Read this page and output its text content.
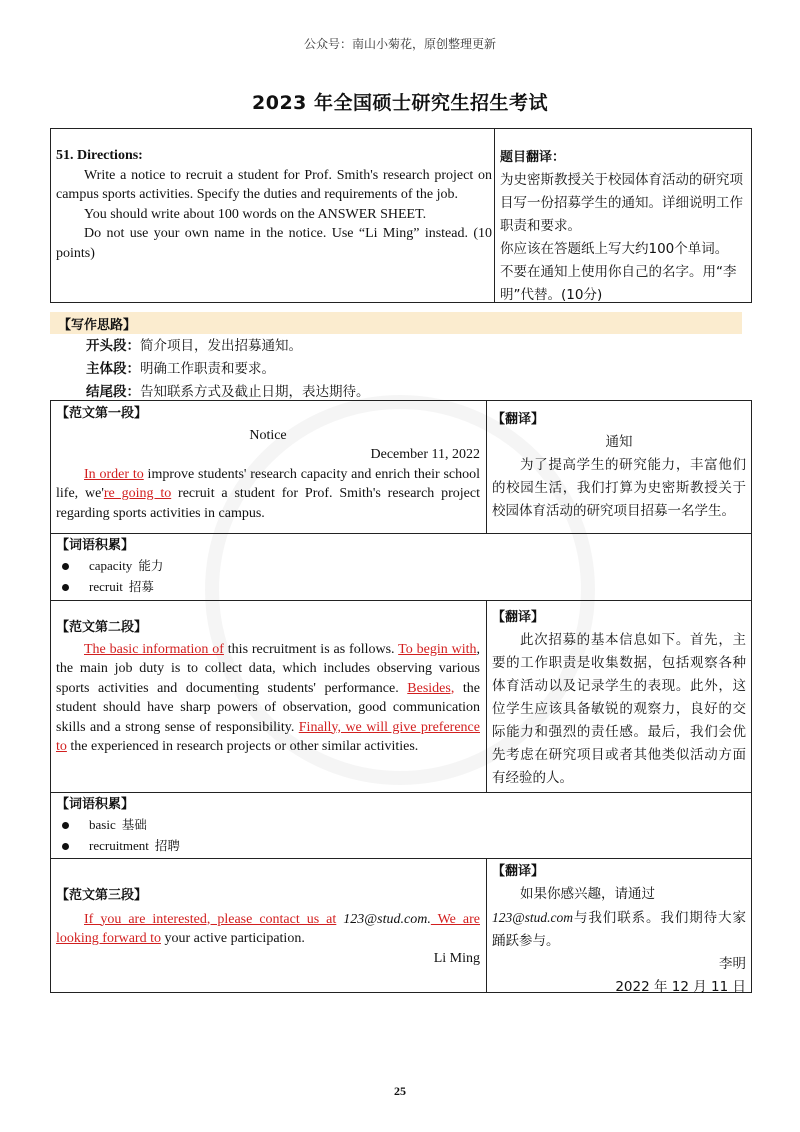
公众号：南山小菊花，原创整理更新
2023 年全国硕士研究生招生考试
51. Directions:
Write a notice to recruit a student for Prof. Smith's research project on campus sports activities. Specify the duties and requirements of the job.
You should write about 100 words on the ANSWER SHEET.
Do not use your own name in the notice. Use “Li Ming” instead. (10 points)
题目翻译：
为史密斯教授关于校园体育活动的研究项目写一份招募学生的通知。详细说明工作职责和要求。
你应该在答题纸上写大约100个单词。
不要在通知上使用你自己的名字。用“李明”代替。(10分)
【写作思路】
开头段：简介项目，发出招募通知。
主体段：明确工作职责和要求。
结尾段：告知联系方式及截止日期，表达期待。
【范文第一段】
Notice
December 11, 2022
In order to improve students' research capacity and enrich their school life, we're going to recruit a student for Prof. Smith's research project regarding sports activities in campus.
【翻译】
通知
为了提高学生的研究能力，丰富他们的校园生活，我们打算为史密斯教授关于校园体育活动的研究项目招募一名学生。
【词语积累】
capacity 能力
recruit 招募
【范文第二段】
The basic information of this recruitment is as follows. To begin with, the main job duty is to collect data, which includes observing various sports activities and documenting students' performance. Besides, the student should have sharp powers of observation, good communication skills and a strong sense of responsibility. Finally, we will give preference to the experienced in research projects or other similar activities.
【翻译】
此次招募的基本信息如下。首先，主要的工作职责是收集数据，包括观察各种体育活动以及记录学生的表现。此外，这位学生应该具备敏锐的观察力，良好的交际能力和强烈的责任感。最后，我们会优先考虑在研究项目或者其他类似活动方面有经验的人。
【词语积累】
basic 基础
recruitment 招聘
【范文第三段】
If you are interested, please contact us at 123@stud.com. We are looking forward to your active participation.
Li Ming
【翻译】
如果你感兴趣，请通过
123@stud.com与我们联系。我们期待大家踊跃参与。
李明
2022 年 12 月 11 日
25
